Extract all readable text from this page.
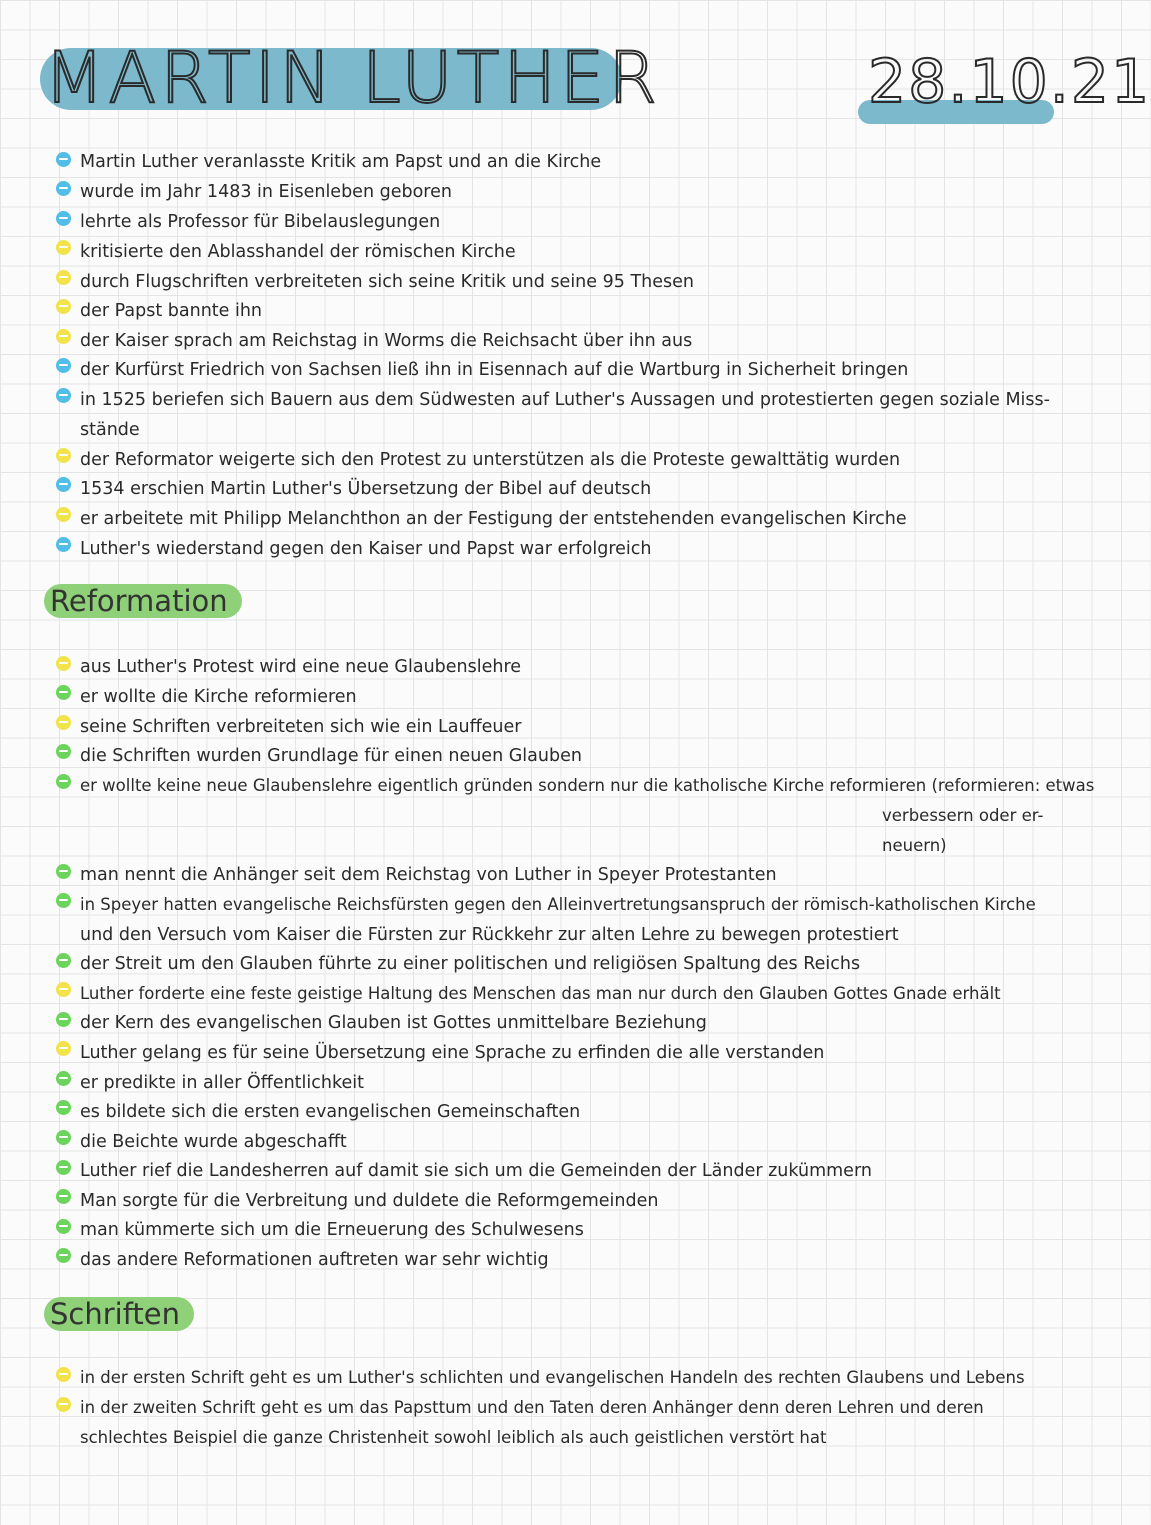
MARTIN LUTHER	28.10.21
Martin Luther veranlasste Kritik am Papst und an die Kirche
wurde im Jahr 1483 in Eisenleben geboren
lehrte als Professor für Bibelauslegungen
kritisierte den Ablasshandel der römischen Kirche
durch Flugschriften verbreiteten sich seine Kritik und seine 95 Thesen
der Papst bannte ihn
der Kaiser sprach am Reichstag in Worms die Reichsacht über ihn aus
der Kurfürst Friedrich von Sachsen ließ ihn in Eisennach auf die Wartburg in Sicherheit bringen
in 1525 beriefen sich Bauern aus dem Südwesten auf Luther's Aussagen und protestierten gegen soziale Miss-
stände
der Reformator weigerte sich den Protest zu unterstützen als die Proteste gewalttätig wurden
1534 erschien Martin Luther's Übersetzung der Bibel auf deutsch
er arbeitete mit Philipp Melanchthon an der Festigung der entstehenden evangelischen Kirche
Luther's wiederstand gegen den Kaiser und Papst war erfolgreich
Reformation
aus Luther's Protest wird eine neue Glaubenslehre
er wollte die Kirche reformieren
seine Schriften verbreiteten sich wie ein Lauffeuer
die Schriften wurden Grundlage für einen neuen Glauben
er wollte keine neue Glaubenslehre eigentlich gründen sondern nur die katholische Kirche reformieren (reformieren: etwas
verbessern oder er-
neuern)
man nennt die Anhänger seit dem Reichstag von Luther in Speyer Protestanten
in Speyer hatten evangelische Reichsfürsten gegen den Alleinvertretungsanspruch der römisch-katholischen Kirche
und den Versuch vom Kaiser die Fürsten zur Rückkehr zur alten Lehre zu bewegen protestiert
der Streit um den Glauben führte zu einer politischen und religiösen Spaltung des Reichs
Luther forderte eine feste geistige Haltung des Menschen das man nur durch den Glauben Gottes Gnade erhält
der Kern des evangelischen Glauben ist Gottes unmittelbare Beziehung
Luther gelang es für seine Übersetzung eine Sprache zu erfinden die alle verstanden
er predikte in aller Öffentlichkeit
es bildete sich die ersten evangelischen Gemeinschaften
die Beichte wurde abgeschafft
Luther rief die Landesherren auf damit sie sich um die Gemeinden der Länder zukümmern
Man sorgte für die Verbreitung und duldete die Reformgemeinden
man kümmerte sich um die Erneuerung des Schulwesens
das andere Reformationen auftreten war sehr wichtig
Schriften
in der ersten Schrift geht es um Luther's schlichten und evangelischen Handeln des rechten Glaubens und Lebens
in der zweiten Schrift geht es um das Papsttum und den Taten deren Anhänger denn deren Lehren und deren
schlechtes Beispiel die ganze Christenheit sowohl leiblich als auch geistlichen verstört hat
